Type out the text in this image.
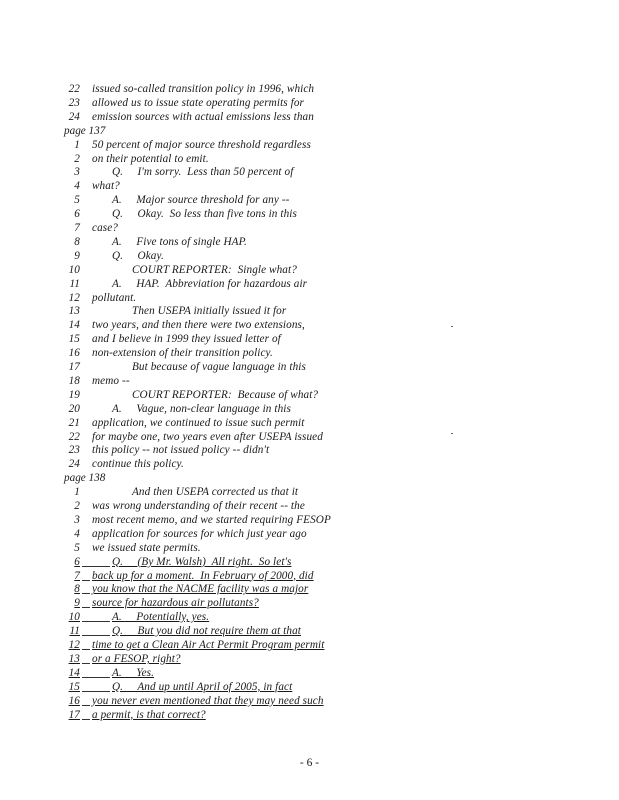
22 issued so-called transition policy in 1996, which
23 allowed us to issue state operating permits for
24 emission sources with actual emissions less than
page 137
1 50 percent of major source threshold regardless
2 on their potential to emit.
3	Q.     I'm sorry.  Less than 50 percent of
4 what?
5	A.     Major source threshold for any --
6	Q.     Okay.  So less than five tons in this
7 case?
8	A.     Five tons of single HAP.
9	Q.     Okay.
10	COURT REPORTER:  Single what?
11	A.     HAP.  Abbreviation for hazardous air
12 pollutant.
13	Then USEPA initially issued it for
14 two years, and then there were two extensions,
15 and I believe in 1999 they issued letter of
16 non-extension of their transition policy.
17	But because of vague language in this
18 memo --
19	COURT REPORTER:  Because of what?
20	A.     Vague, non-clear language in this
21 application, we continued to issue such permit
22 for maybe one, two years even after USEPA issued
23 this policy -- not issued policy -- didn't
24 continue this policy.
page 138
1	And then USEPA corrected us that it
2 was wrong understanding of their recent -- the
3 most recent memo, and we started requiring FESOP
4 application for sources for which just year ago
5 we issued state permits.
6	Q.     (By Mr. Walsh)  All right.  So let's
7 back up for a moment.  In February of 2000, did
8 you know that the NACME facility was a major
9 source for hazardous air pollutants?
10	A.     Potentially, yes.
11	Q.     But you did not require them at that
12 time to get a Clean Air Act Permit Program permit
13 or a FESOP, right?
14	A.     Yes.
15	Q.     And up until April of 2005, in fact
16 you never even mentioned that they may need such
17 a permit, is that correct?
- 6 -
